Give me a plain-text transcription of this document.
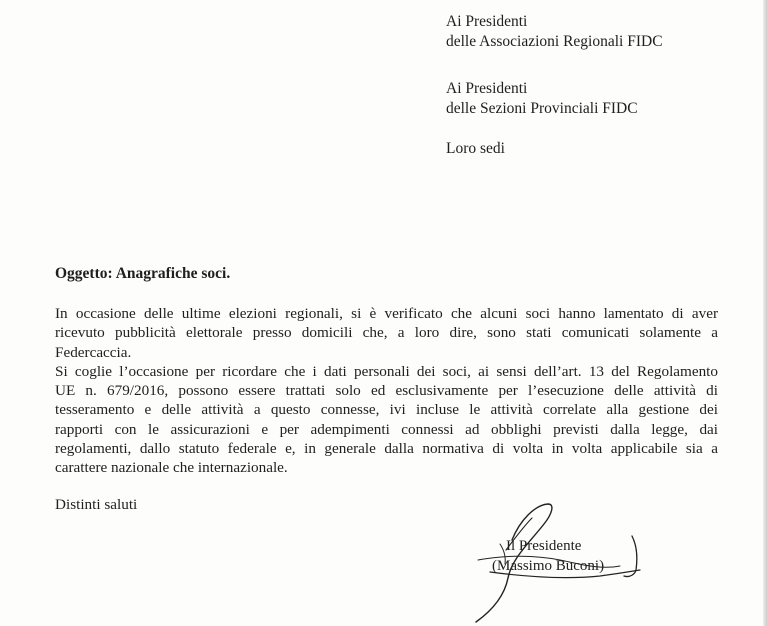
Ai Presidenti
delle Associazioni Regionali FIDC
Ai Presidenti
delle Sezioni Provinciali FIDC
Loro sedi
Oggetto: Anagrafiche soci.
In occasione delle ultime elezioni regionali, si è verificato che alcuni soci hanno lamentato di aver
ricevuto pubblicità elettorale presso domicili che, a loro dire, sono stati comunicati solamente a
Federcaccia.
Si coglie l’occasione per ricordare che i dati personali dei soci, ai sensi dell’art. 13 del Regolamento
UE n. 679/2016, possono essere trattati solo ed esclusivamente per l’esecuzione delle attività di
tesseramento e delle attività a questo connesse, ivi incluse le attività correlate alla gestione dei
rapporti con le assicurazioni e per adempimenti connessi ad obblighi previsti dalla legge, dai
regolamenti, dallo statuto federale e, in generale dalla normativa di volta in volta applicabile sia a
carattere nazionale che internazionale.
Distinti saluti
Il Presidente
(Massimo Buconi)
